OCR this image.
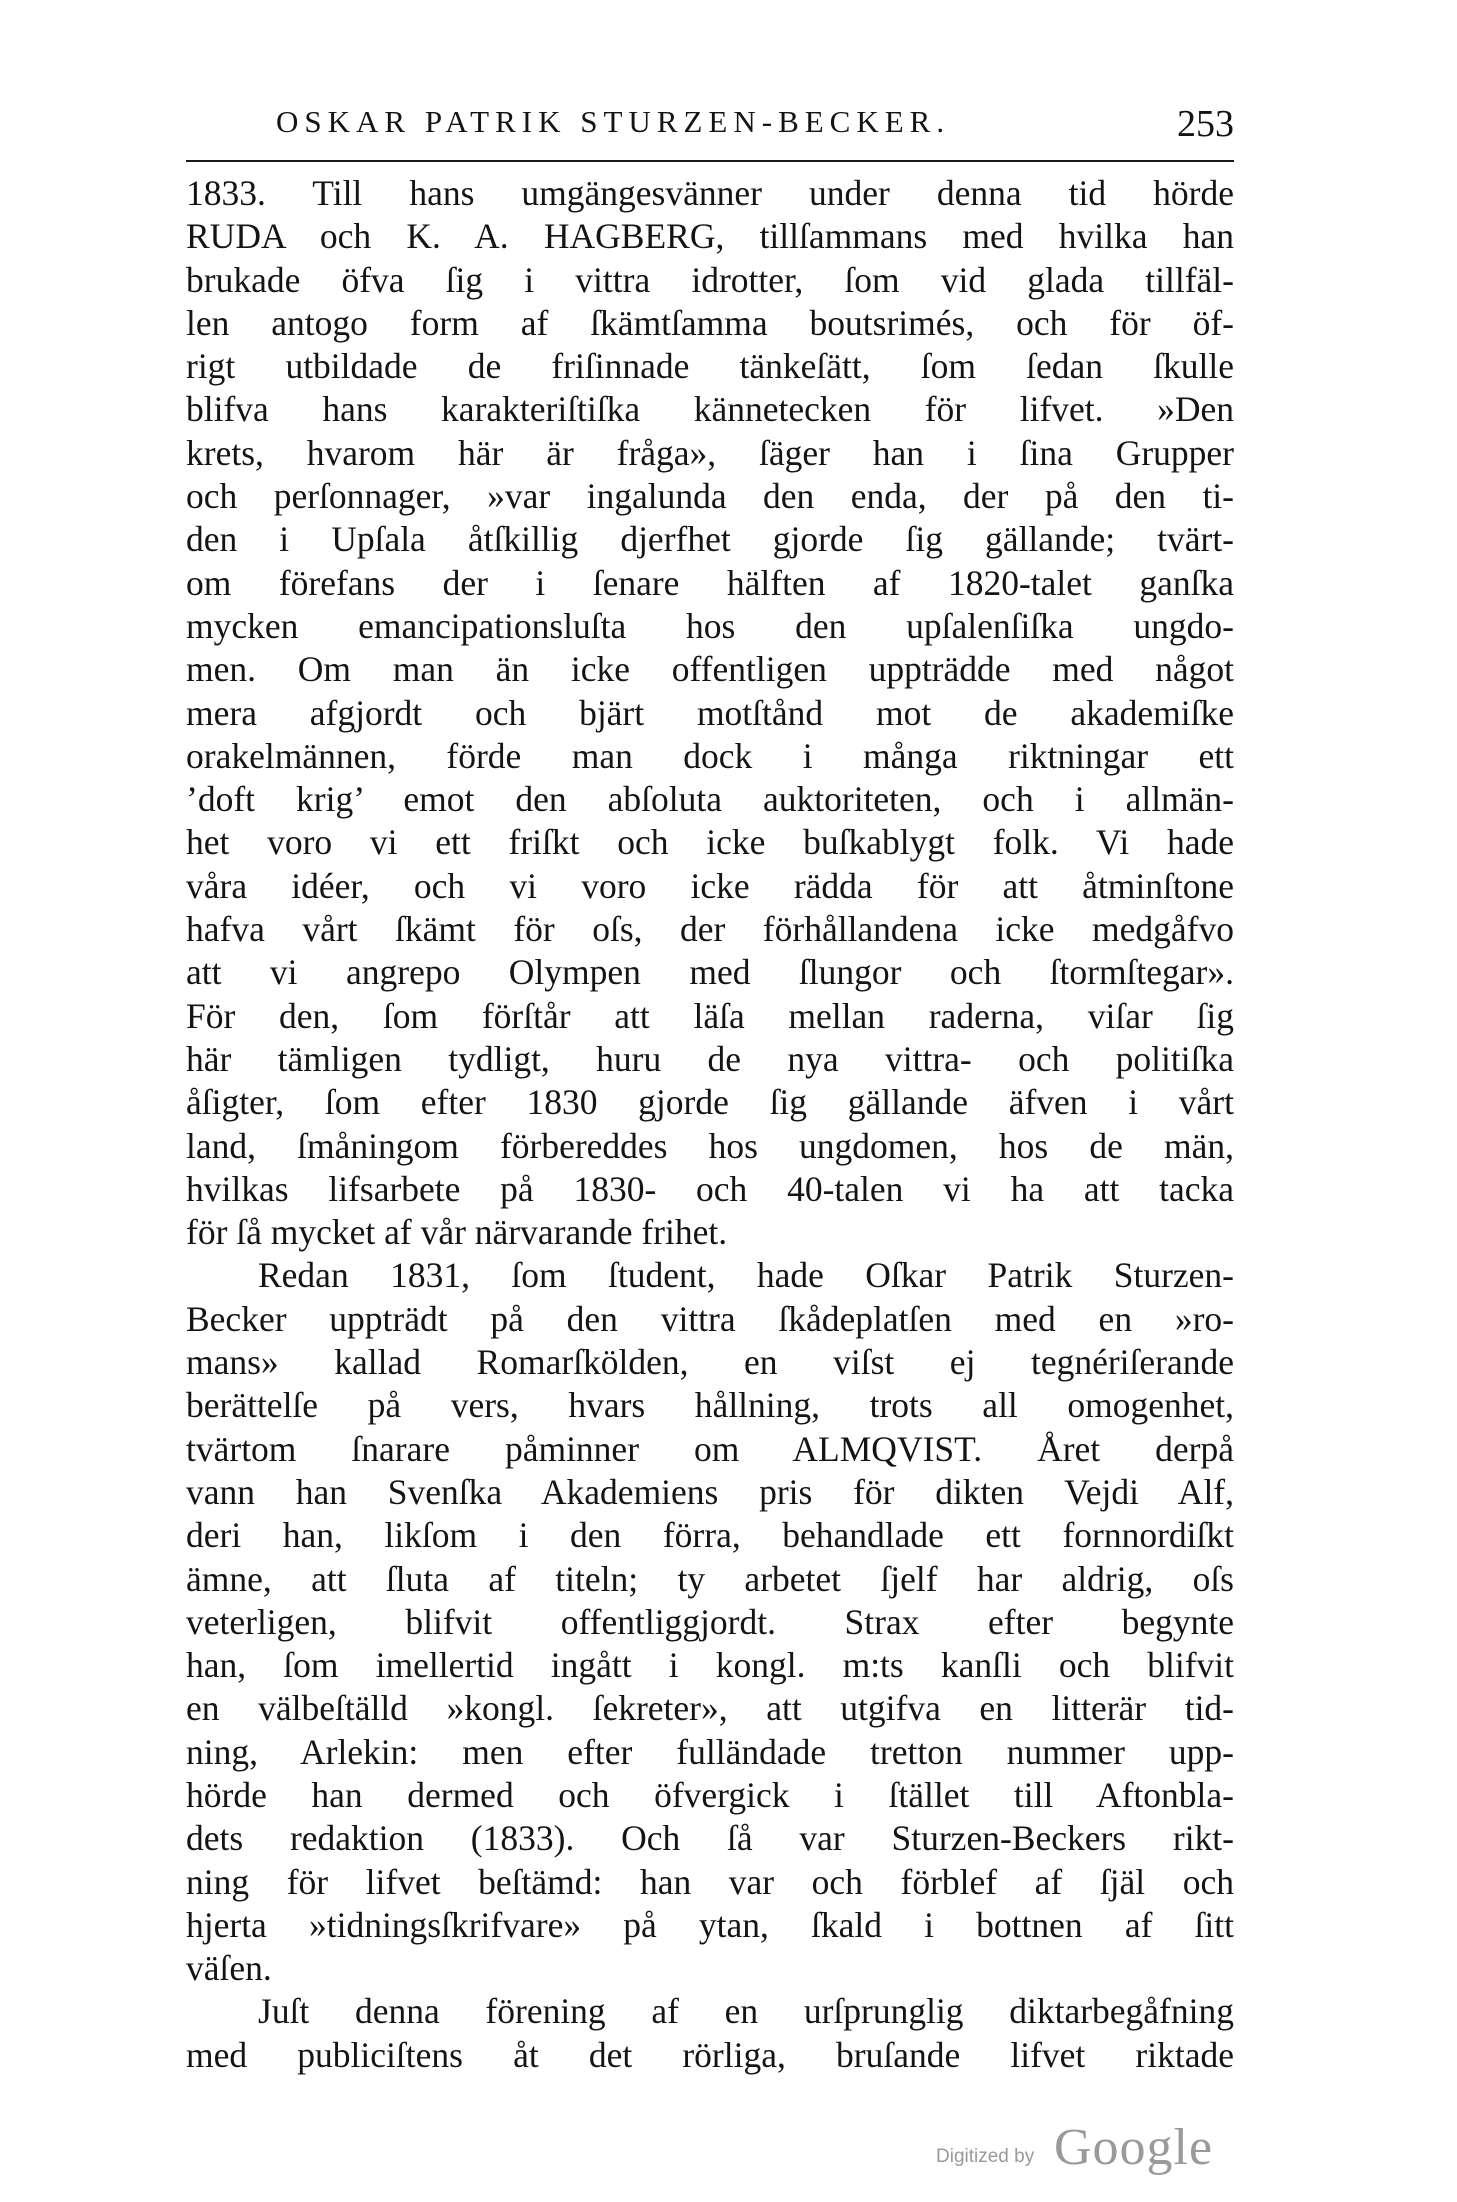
OSKAR PATRIK STURZEN-BECKER.	253
1833. Till hans umgängesvänner under denna tid hörde
RUDA och K. A. HAGBERG, tillſammans med hvilka han
brukade öfva ſig i vittra idrotter, ſom vid glada tillfäl-
len antogo form af ſkämtſamma boutsrimés, och för öf-
rigt utbildade de friſinnade tänkeſätt, ſom ſedan ſkulle
blifva hans karakteriſtiſka kännetecken för lifvet. »Den
krets, hvarom här är fråga», ſäger han i ſina Grupper
och perſonnager, »var ingalunda den enda, der på den ti-
den i Upſala åtſkillig djerfhet gjorde ſig gällande; tvärt-
om förefans der i ſenare hälften af 1820-talet ganſka
mycken emancipationsluſta hos den upſalenſiſka ungdo-
men. Om man än icke offentligen uppträdde med något
mera afgjordt och bjärt motſtånd mot de akademiſke
orakelmännen, förde man dock i många riktningar ett
’doft krig’ emot den abſoluta auktoriteten, och i allmän-
het voro vi ett friſkt och icke buſkablygt folk. Vi hade
våra idéer, och vi voro icke rädda för att åtminſtone
hafva vårt ſkämt för oſs, der förhållandena icke medgåfvo
att vi angrepo Olympen med ſlungor och ſtormſtegar».
För den, ſom förſtår att läſa mellan raderna, viſar ſig
här tämligen tydligt, huru de nya vittra- och politiſka
åſigter, ſom efter 1830 gjorde ſig gällande äfven i vårt
land, ſmåningom förbereddes hos ungdomen, hos de män,
hvilkas lifsarbete på 1830- och 40-talen vi ha att tacka
för ſå mycket af vår närvarande frihet.
Redan 1831, ſom ſtudent, hade Oſkar Patrik Sturzen-
Becker uppträdt på den vittra ſkådeplatſen med en »ro-
mans» kallad Romarſkölden, en viſst ej tegnériſerande
berättelſe på vers, hvars hållning, trots all omogenhet,
tvärtom ſnarare påminner om ALMQVIST. Året derpå
vann han Svenſka Akademiens pris för dikten Vejdi Alf,
deri han, likſom i den förra, behandlade ett fornnordiſkt
ämne, att ſluta af titeln; ty arbetet ſjelf har aldrig, oſs
veterligen, blifvit offentliggjordt. Strax efter begynte
han, ſom imellertid ingått i kongl. m:ts kanſli och blifvit
en välbeſtälld »kongl. ſekreter», att utgifva en litterär tid-
ning, Arlekin: men efter fulländade tretton nummer upp-
hörde han dermed och öfvergick i ſtället till Aftonbla-
dets redaktion (1833). Och ſå var Sturzen-Beckers rikt-
ning för lifvet beſtämd: han var och förblef af ſjäl och
hjerta »tidningsſkrifvare» på ytan, ſkald i bottnen af ſitt
väſen.
Juſt denna förening af en urſprunglig diktarbegåfning
med publiciſtens åt det rörliga, bruſande lifvet riktade
Digitized by Google
